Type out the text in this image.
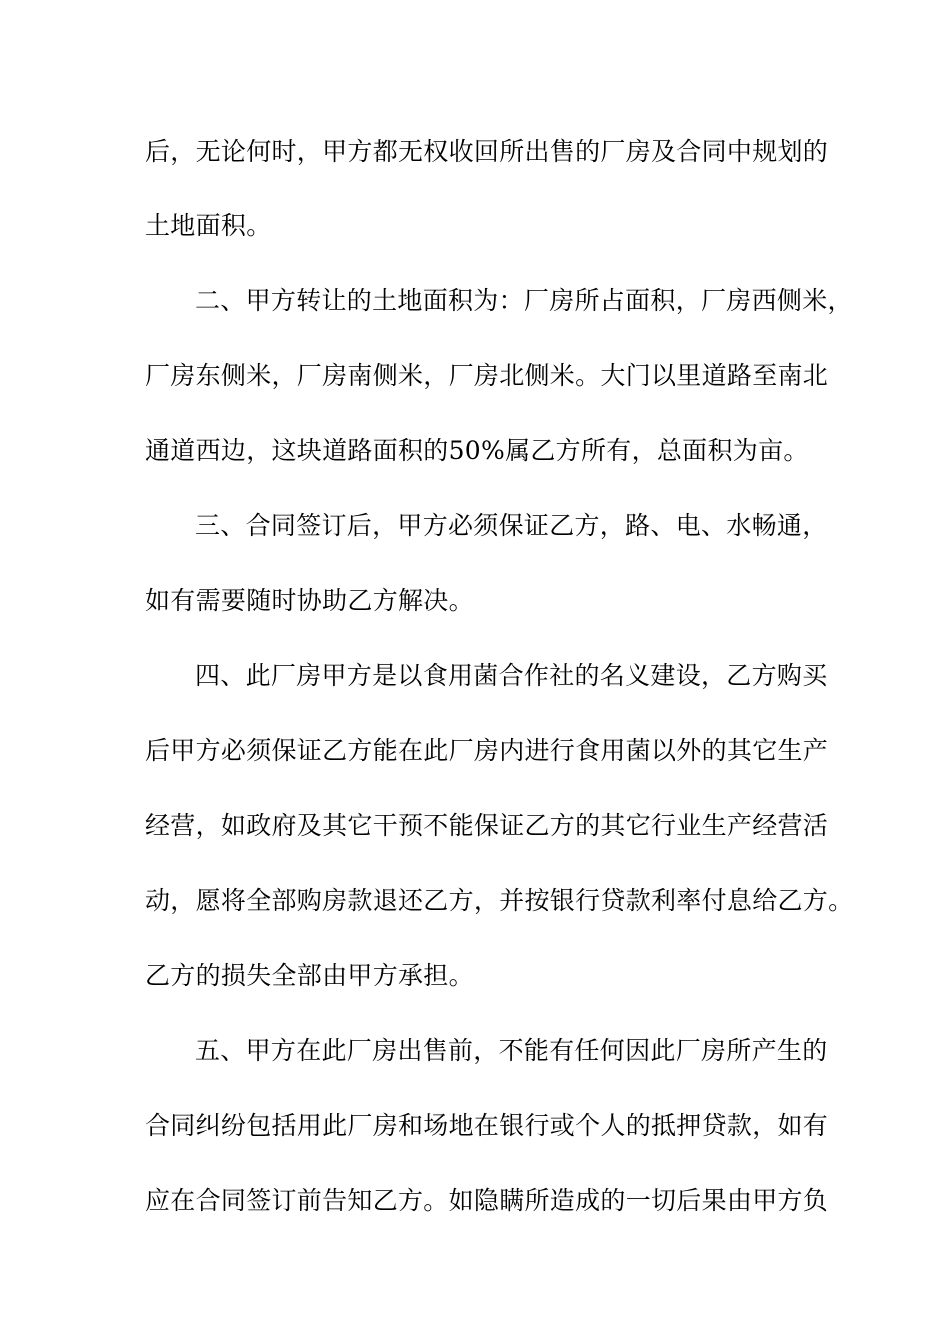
后，无论何时，甲方都无权收回所出售的厂房及合同中规划的
土地面积。
二、甲方转让的土地面积为：厂房所占面积，厂房西侧米，
厂房东侧米，厂房南侧米，厂房北侧米。大门以里道路至南北
通道西边，这块道路面积的50%属乙方所有，总面积为亩。
三、合同签订后，甲方必须保证乙方，路、电、水畅通，
如有需要随时协助乙方解决。
四、此厂房甲方是以食用菌合作社的名义建设，乙方购买
后甲方必须保证乙方能在此厂房内进行食用菌以外的其它生产
经营，如政府及其它干预不能保证乙方的其它行业生产经营活
动，愿将全部购房款退还乙方，并按银行贷款利率付息给乙方。
乙方的损失全部由甲方承担。
五、甲方在此厂房出售前，不能有任何因此厂房所产生的
合同纠纷包括用此厂房和场地在银行或个人的抵押贷款，如有
应在合同签订前告知乙方。如隐瞒所造成的一切后果由甲方负
